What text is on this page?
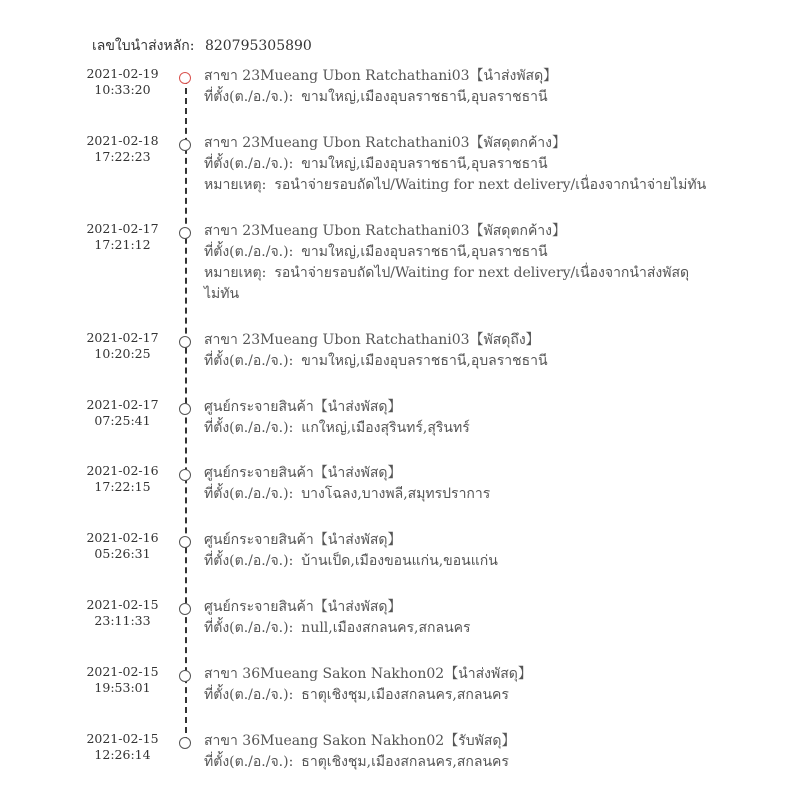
เลขใบนำส่งหลัก: 820795305890
2021-02-19
10:33:20
สาขา 23Mueang Ubon Ratchathani03【นำส่งพัสดุ】
ที่ตั้ง(ต./อ./จ.): ขามใหญ่,เมืองอุบลราชธานี,อุบลราชธานี
2021-02-18
17:22:23
สาขา 23Mueang Ubon Ratchathani03【พัสดุตกค้าง】
ที่ตั้ง(ต./อ./จ.): ขามใหญ่,เมืองอุบลราชธานี,อุบลราชธานี
หมายเหตุ: รอนำจ่ายรอบถัดไป/Waiting for next delivery/เนื่องจากนำจ่ายไม่ทัน
2021-02-17
17:21:12
สาขา 23Mueang Ubon Ratchathani03【พัสดุตกค้าง】
ที่ตั้ง(ต./อ./จ.): ขามใหญ่,เมืองอุบลราชธานี,อุบลราชธานี
หมายเหตุ: รอนำจ่ายรอบถัดไป/Waiting for next delivery/เนื่องจากนำส่งพัสดุไม่ทัน
2021-02-17
10:20:25
สาขา 23Mueang Ubon Ratchathani03【พัสดุถึง】
ที่ตั้ง(ต./อ./จ.): ขามใหญ่,เมืองอุบลราชธานี,อุบลราชธานี
2021-02-17
07:25:41
ศูนย์กระจายสินค้า【นำส่งพัสดุ】
ที่ตั้ง(ต./อ./จ.): แกใหญ่,เมืองสุรินทร์,สุรินทร์
2021-02-16
17:22:15
ศูนย์กระจายสินค้า【นำส่งพัสดุ】
ที่ตั้ง(ต./อ./จ.): บางโฉลง,บางพลี,สมุทรปราการ
2021-02-16
05:26:31
ศูนย์กระจายสินค้า【นำส่งพัสดุ】
ที่ตั้ง(ต./อ./จ.): บ้านเป็ด,เมืองขอนแก่น,ขอนแก่น
2021-02-15
23:11:33
ศูนย์กระจายสินค้า【นำส่งพัสดุ】
ที่ตั้ง(ต./อ./จ.): null,เมืองสกลนคร,สกลนคร
2021-02-15
19:53:01
สาขา 36Mueang Sakon Nakhon02【นำส่งพัสดุ】
ที่ตั้ง(ต./อ./จ.): ธาตุเชิงชุม,เมืองสกลนคร,สกลนคร
2021-02-15
12:26:14
สาขา 36Mueang Sakon Nakhon02【รับพัสดุ】
ที่ตั้ง(ต./อ./จ.): ธาตุเชิงชุม,เมืองสกลนคร,สกลนคร
